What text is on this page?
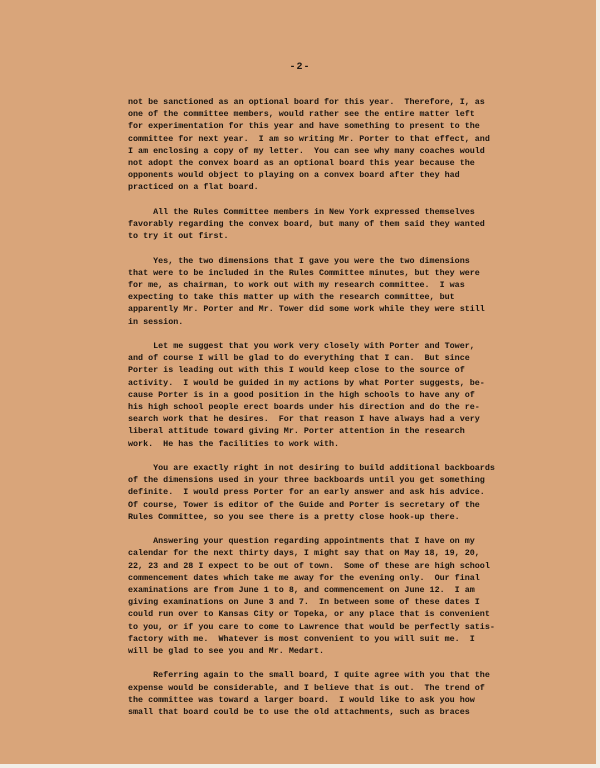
-2-
not be sanctioned as an optional board for this year.  Therefore, I, as
one of the committee members, would rather see the entire matter left
for experimentation for this year and have something to present to the
committee for next year.  I am so writing Mr. Porter to that effect, and
I am enclosing a copy of my letter.  You can see why many coaches would
not adopt the convex board as an optional board this year because the
opponents would object to playing on a convex board after they had
practiced on a flat board.
All the Rules Committee members in New York expressed themselves
favorably regarding the convex board, but many of them said they wanted
to try it out first.
Yes, the two dimensions that I gave you were the two dimensions
that were to be included in the Rules Committee minutes, but they were
for me, as chairman, to work out with my research committee.  I was
expecting to take this matter up with the research committee, but
apparently Mr. Porter and Mr. Tower did some work while they were still
in session.
Let me suggest that you work very closely with Porter and Tower,
and of course I will be glad to do everything that I can.  But since
Porter is leading out with this I would keep close to the source of
activity.  I would be guided in my actions by what Porter suggests, be-
cause Porter is in a good position in the high schools to have any of
his high school people erect boards under his direction and do the re-
search work that he desires.  For that reason I have always had a very
liberal attitude toward giving Mr. Porter attention in the research
work.  He has the facilities to work with.
You are exactly right in not desiring to build additional backboards
of the dimensions used in your three backboards until you get something
definite.  I would press Porter for an early answer and ask his advice.
Of course, Tower is editor of the Guide and Porter is secretary of the
Rules Committee, so you see there is a pretty close hook-up there.
Answering your question regarding appointments that I have on my
calendar for the next thirty days, I might say that on May 18, 19, 20,
22, 23 and 28 I expect to be out of town.  Some of these are high school
commencement dates which take me away for the evening only.  Our final
examinations are from June 1 to 8, and commencement on June 12.  I am
giving examinations on June 3 and 7.  In between some of these dates I
could run over to Kansas City or Topeka, or any place that is convenient
to you, or if you care to come to Lawrence that would be perfectly satis-
factory with me.  Whatever is most convenient to you will suit me.  I
will be glad to see you and Mr. Medart.
Referring again to the small board, I quite agree with you that the
expense would be considerable, and I believe that is out.  The trend of
the committee was toward a larger board.  I would like to ask you how
small that board could be to use the old attachments, such as braces
